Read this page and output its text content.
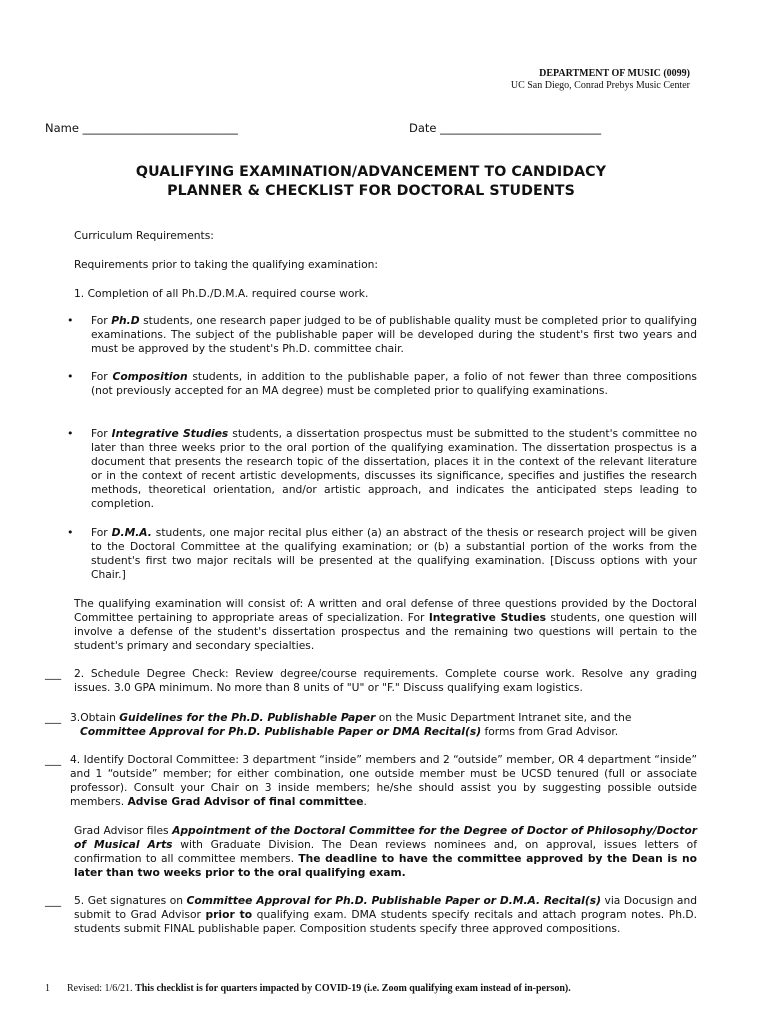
DEPARTMENT OF MUSIC (0099)
UC San Diego, Conrad Prebys Music Center
Name ___________________________	Date ____________________________
QUALIFYING EXAMINATION/ADVANCEMENT TO CANDIDACY
PLANNER & CHECKLIST FOR DOCTORAL STUDENTS
Curriculum Requirements:
Requirements prior to taking the qualifying examination:
1. Completion of all Ph.D./D.M.A. required course work.
• For Ph.D students, one research paper judged to be of publishable quality must be completed prior to qualifying examinations. The subject of the publishable paper will be developed during the student's first two years and must be approved by the student's Ph.D. committee chair.
• For Composition students, in addition to the publishable paper, a folio of not fewer than three compositions (not previously accepted for an MA degree) must be completed prior to qualifying examinations.
• For Integrative Studies students, a dissertation prospectus must be submitted to the student's committee no later than three weeks prior to the oral portion of the qualifying examination. The dissertation prospectus is a document that presents the research topic of the dissertation, places it in the context of the relevant literature or in the context of recent artistic developments, discusses its significance, specifies and justifies the research methods, theoretical orientation, and/or artistic approach, and indicates the anticipated steps leading to completion.
• For D.M.A. students, one major recital plus either (a) an abstract of the thesis or research project will be given to the Doctoral Committee at the qualifying examination; or (b) a substantial portion of the works from the student's first two major recitals will be presented at the qualifying examination. [Discuss options with your Chair.]
The qualifying examination will consist of: A written and oral defense of three questions provided by the Doctoral Committee pertaining to appropriate areas of specialization. For Integrative Studies students, one question will involve a defense of the student's dissertation prospectus and the remaining two questions will pertain to the student's primary and secondary specialties.
___ 2. Schedule Degree Check: Review degree/course requirements. Complete course work. Resolve any grading issues. 3.0 GPA minimum. No more than 8 units of "U" or "F." Discuss qualifying exam logistics.
___ 3.Obtain Guidelines for the Ph.D. Publishable Paper on the Music Department Intranet site, and the
Committee Approval for Ph.D. Publishable Paper or DMA Recital(s) forms from Grad Advisor.
___ 4. Identify Doctoral Committee: 3 department “inside” members and 2 “outside” member, OR 4 department “inside” and 1 “outside” member; for either combination, one outside member must be UCSD tenured (full or associate professor). Consult your Chair on 3 inside members; he/she should assist you by suggesting possible outside members. Advise Grad Advisor of final committee.
Grad Advisor files Appointment of the Doctoral Committee for the Degree of Doctor of Philosophy/Doctor of Musical Arts with Graduate Division. The Dean reviews nominees and, on approval, issues letters of confirmation to all committee members. The deadline to have the committee approved by the Dean is no later than two weeks prior to the oral qualifying exam.
___ 5. Get signatures on Committee Approval for Ph.D. Publishable Paper or D.M.A. Recital(s) via Docusign and submit to Grad Advisor prior to qualifying exam. DMA students specify recitals and attach program notes. Ph.D. students submit FINAL publishable paper. Composition students specify three approved compositions.
1 Revised: 1/6/21. This checklist is for quarters impacted by COVID-19 (i.e. Zoom qualifying exam instead of in-person).
